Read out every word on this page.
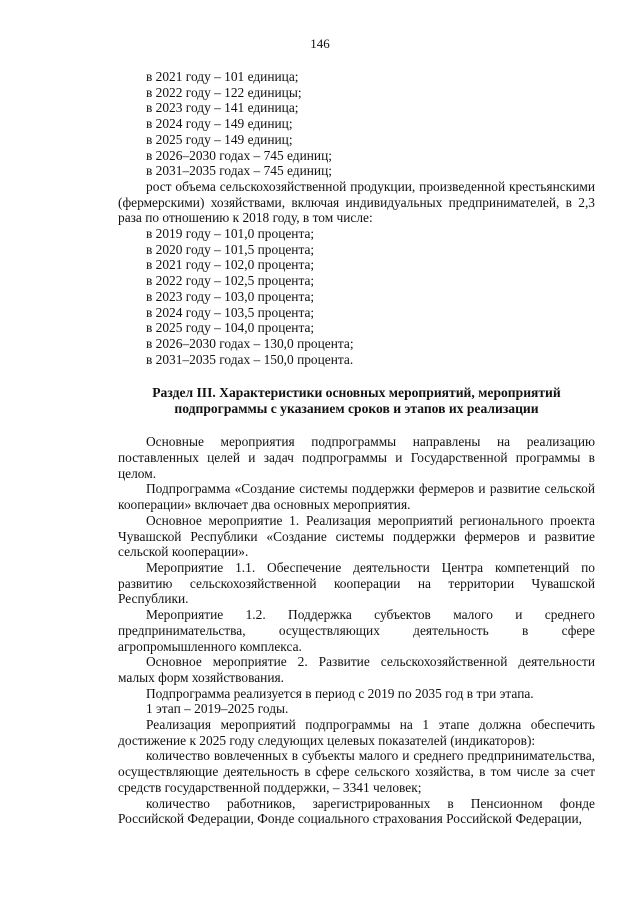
146

в 2021 году – 101 единица;

в 2022 году – 122 единицы;

в 2023 году – 141 единица;

в 2024 году – 149 единиц;

в 2025 году – 149 единиц;

в 2026–2030 годах – 745 единиц;

в 2031–2035 годах – 745 единиц;

рост объема сельскохозяйственной продукции, произведенной крестьянскими (фермерскими) хозяйствами, включая индивидуальных предпринимателей, в 2,3 раза по отношению к 2018 году, в том числе:

в 2019 году – 101,0 процента;

в 2020 году – 101,5 процента;

в 2021 году – 102,0 процента;

в 2022 году – 102,5 процента;

в 2023 году – 103,0 процента;

в 2024 году – 103,5 процента;

в 2025 году – 104,0 процента;

в 2026–2030 годах – 130,0 процента;

в 2031–2035 годах – 150,0 процента.

Раздел III. Характеристики основных мероприятий, мероприятий
подпрограммы с указанием сроков и этапов их реализации

Основные мероприятия подпрограммы направлены на реализацию поставленных целей и задач подпрограммы и Государственной программы в целом.

Подпрограмма «Создание системы поддержки фермеров и развитие сельской кооперации» включает два основных мероприятия.

Основное мероприятие 1. Реализация мероприятий регионального проекта Чувашской Республики «Создание системы поддержки фермеров и развитие сельской кооперации».

Мероприятие 1.1. Обеспечение деятельности Центра компетенций по развитию сельскохозяйственной кооперации на территории Чувашской Республики.

Мероприятие 1.2. Поддержка субъектов малого и среднего предпринимательства, осуществляющих деятельность в сфере агропромышленного комплекса.

Основное мероприятие 2. Развитие сельскохозяйственной деятельности малых форм хозяйствования.

Подпрограмма реализуется в период с 2019 по 2035 год в три этапа.

1 этап – 2019–2025 годы.

Реализация мероприятий подпрограммы на 1 этапе должна обеспечить достижение к 2025 году следующих целевых показателей (индикаторов):

количество вовлеченных в субъекты малого и среднего предпринимательства, осуществляющие деятельность в сфере сельского хозяйства, в том числе за счет средств государственной поддержки, – 3341 человек;

количество работников, зарегистрированных в Пенсионном фонде Российской Федерации, Фонде социального страхования Российской Федерации,
